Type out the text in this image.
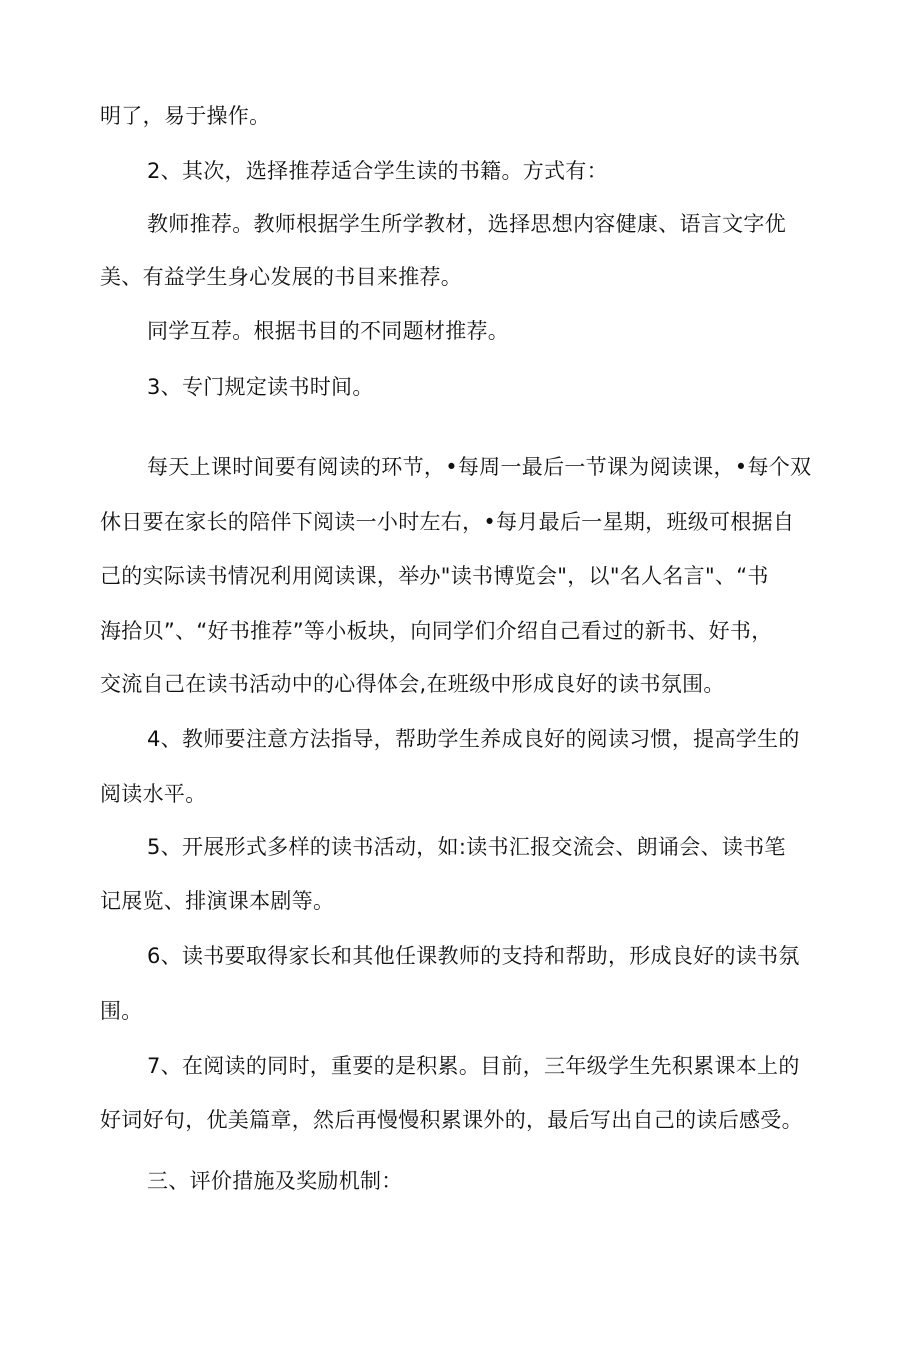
明了，易于操作。
2、其次，选择推荐适合学生读的书籍。方式有：
教师推荐。教师根据学生所学教材，选择思想内容健康、语言文字优
美、有益学生身心发展的书目来推荐。
同学互荐。根据书目的不同题材推荐。
3、专门规定读书时间。
每天上课时间要有阅读的环节，•每周一最后一节课为阅读课，•每个双
休日要在家长的陪伴下阅读一小时左右，•每月最后一星期，班级可根据自
己的实际读书情况利用阅读课，举办"读书博览会"，以"名人名言"、“书
海拾贝”、“好书推荐”等小板块，向同学们介绍自己看过的新书、好书，
交流自己在读书活动中的心得体会,在班级中形成良好的读书氛围。
4、教师要注意方法指导，帮助学生养成良好的阅读习惯，提高学生的
阅读水平。
5、开展形式多样的读书活动，如:读书汇报交流会、朗诵会、读书笔
记展览、排演课本剧等。
6、读书要取得家长和其他任课教师的支持和帮助，形成良好的读书氛
围。
7、在阅读的同时，重要的是积累。目前，三年级学生先积累课本上的
好词好句，优美篇章，然后再慢慢积累课外的，最后写出自己的读后感受。
三、评价措施及奖励机制：
